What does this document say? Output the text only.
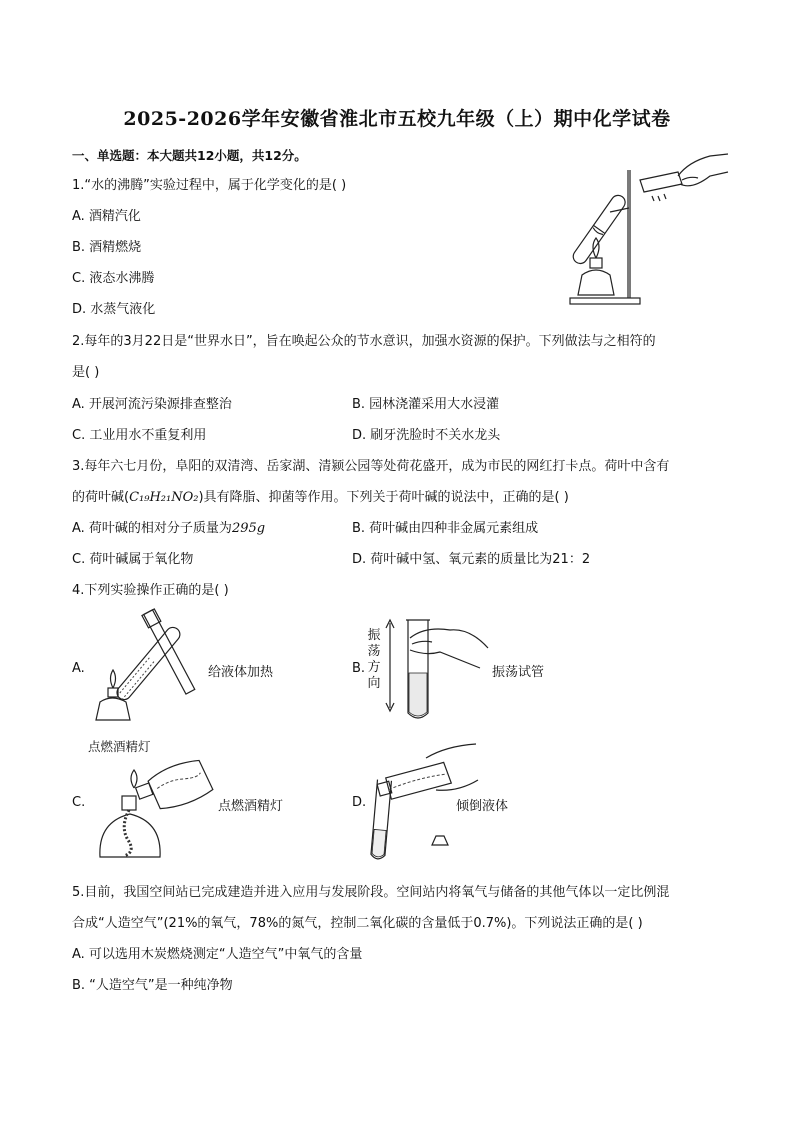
2025-2026学年安徽省淮北市五校九年级（上）期中化学试卷
一、单选题：本大题共12小题，共12分。
1.“水的沸腾”实验过程中，属于化学变化的是( )
A. 酒精汽化
B. 酒精燃烧
C. 液态水沸腾
D. 水蒸气液化
2.每年的3月22日是“世界水日”，旨在唤起公众的节水意识，加强水资源的保护。下列做法与之相符的
是( )
A. 开展河流污染源排查整治	B. 园林浇灌采用大水浸灌
C. 工业用水不重复利用	D. 刷牙洗脸时不关水龙头
3.每年六七月份，阜阳的双清湾、岳家湖、清颍公园等处荷花盛开，成为市民的网红打卡点。荷叶中含有
的荷叶碱(C₁₉H₂₁NO₂)具有降脂、抑菌等作用。下列关于荷叶碱的说法中，正确的是( )
A. 荷叶碱的相对分子质量为295g	B. 荷叶碱由四种非金属元素组成
C. 荷叶碱属于氧化物	D. 荷叶碱中氢、氧元素的质量比为21：2
4.下列实验操作正确的是( )
A.	给液体加热	B.
振
荡
方
向
振荡试管
点燃酒精灯
C.	点燃酒精灯	D.	倾倒液体
5.目前，我国空间站已完成建造并进入应用与发展阶段。空间站内将氧气与储备的其他气体以一定比例混
合成“人造空气”(21%的氧气，78%的氮气，控制二氧化碳的含量低于0.7%)。下列说法正确的是( )
A. 可以选用木炭燃烧测定“人造空气”中氧气的含量
B. “人造空气”是一种纯净物
